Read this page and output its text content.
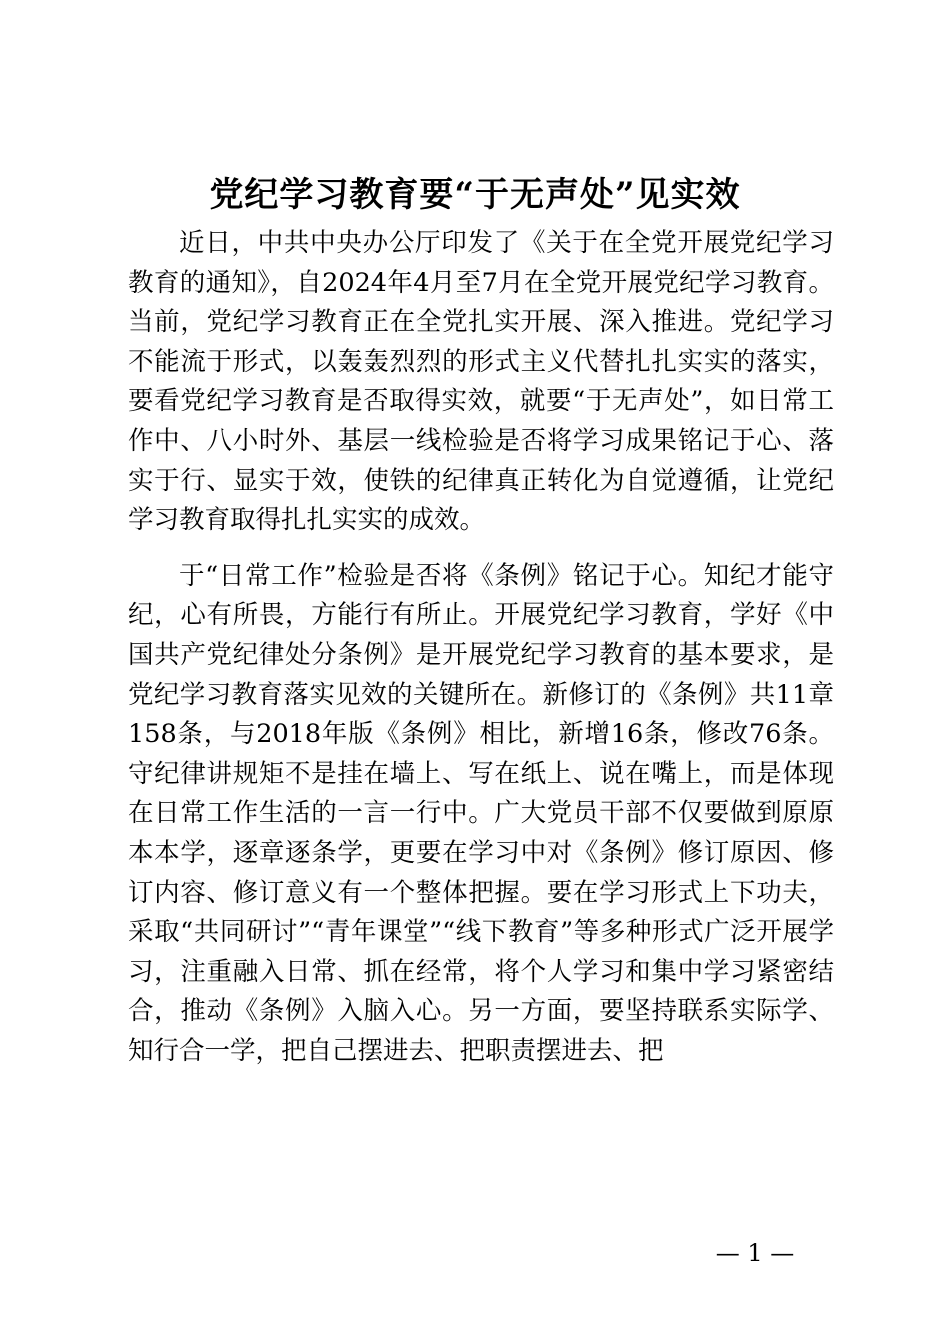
党纪学习教育要“于无声处”见实效

近日，中共中央办公厅印发了《关于在全党开展党纪学习教育的通知》，自2024年4月至7月在全党开展党纪学习教育。当前，党纪学习教育正在全党扎实开展、深入推进。党纪学习不能流于形式，以轰轰烈烈的形式主义代替扎扎实实的落实，要看党纪学习教育是否取得实效，就要“于无声处”，如日常工作中、八小时外、基层一线检验是否将学习成果铭记于心、落实于行、显实于效，使铁的纪律真正转化为自觉遵循，让党纪学习教育取得扎扎实实的成效。

于“日常工作”检验是否将《条例》铭记于心。知纪才能守纪，心有所畏，方能行有所止。开展党纪学习教育，学好《中国共产党纪律处分条例》是开展党纪学习教育的基本要求，是党纪学习教育落实见效的关键所在。新修订的《条例》共11章158条，与2018年版《条例》相比，新增16条，修改76条。守纪律讲规矩不是挂在墙上、写在纸上、说在嘴上，而是体现在日常工作生活的一言一行中。广大党员干部不仅要做到原原本本学，逐章逐条学，更要在学习中对《条例》修订原因、修订内容、修订意义有一个整体把握。要在学习形式上下功夫，采取“共同研讨”“青年课堂”“线下教育”等多种形式广泛开展学习，注重融入日常、抓在经常，将个人学习和集中学习紧密结合，推动《条例》入脑入心。另一方面，要坚持联系实际学、知行合一学，把自己摆进去、把职责摆进去、把

— 1 —
